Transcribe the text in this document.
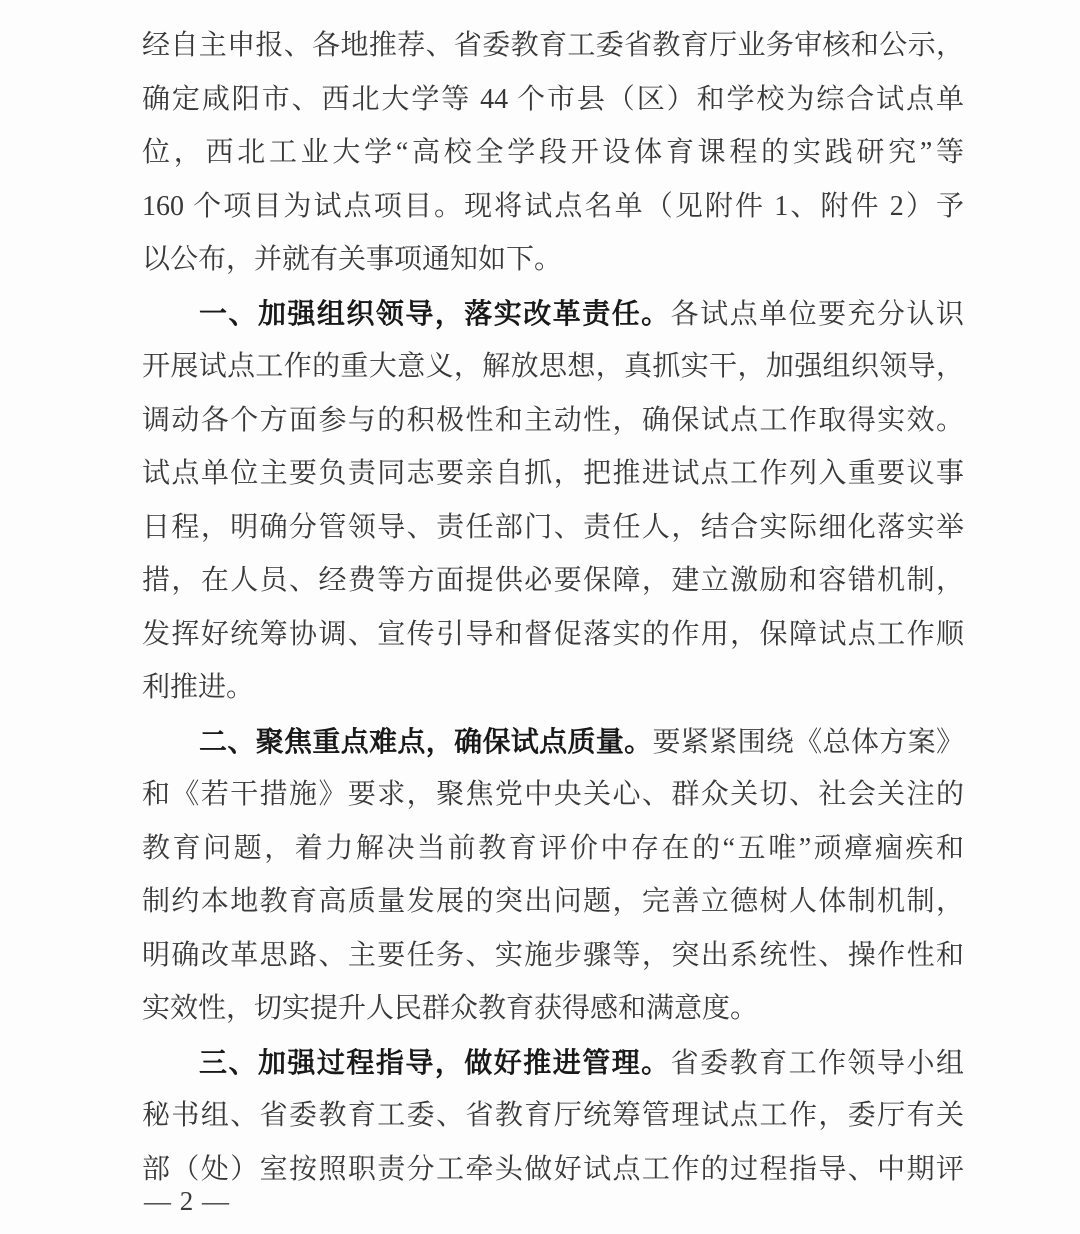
经自主申报、各地推荐、省委教育工委省教育厅业务审核和公示，
确定咸阳市、西北大学等 44 个市县（区）和学校为综合试点单
位，西北工业大学“高校全学段开设体育课程的实践研究”等
160 个项目为试点项目。现将试点名单（见附件 1、附件 2）予
以公布，并就有关事项通知如下。
一、加强组织领导，落实改革责任。各试点单位要充分认识
开展试点工作的重大意义，解放思想，真抓实干，加强组织领导，
调动各个方面参与的积极性和主动性，确保试点工作取得实效。
试点单位主要负责同志要亲自抓，把推进试点工作列入重要议事
日程，明确分管领导、责任部门、责任人，结合实际细化落实举
措，在人员、经费等方面提供必要保障，建立激励和容错机制，
发挥好统筹协调、宣传引导和督促落实的作用，保障试点工作顺
利推进。
二、聚焦重点难点，确保试点质量。要紧紧围绕《总体方案》
和《若干措施》要求，聚焦党中央关心、群众关切、社会关注的
教育问题，着力解决当前教育评价中存在的“五唯”顽瘴痼疾和
制约本地教育高质量发展的突出问题，完善立德树人体制机制，
明确改革思路、主要任务、实施步骤等，突出系统性、操作性和
实效性，切实提升人民群众教育获得感和满意度。
三、加强过程指导，做好推进管理。省委教育工作领导小组
秘书组、省委教育工委、省教育厅统筹管理试点工作，委厅有关
部（处）室按照职责分工牵头做好试点工作的过程指导、中期评
— 2 —
